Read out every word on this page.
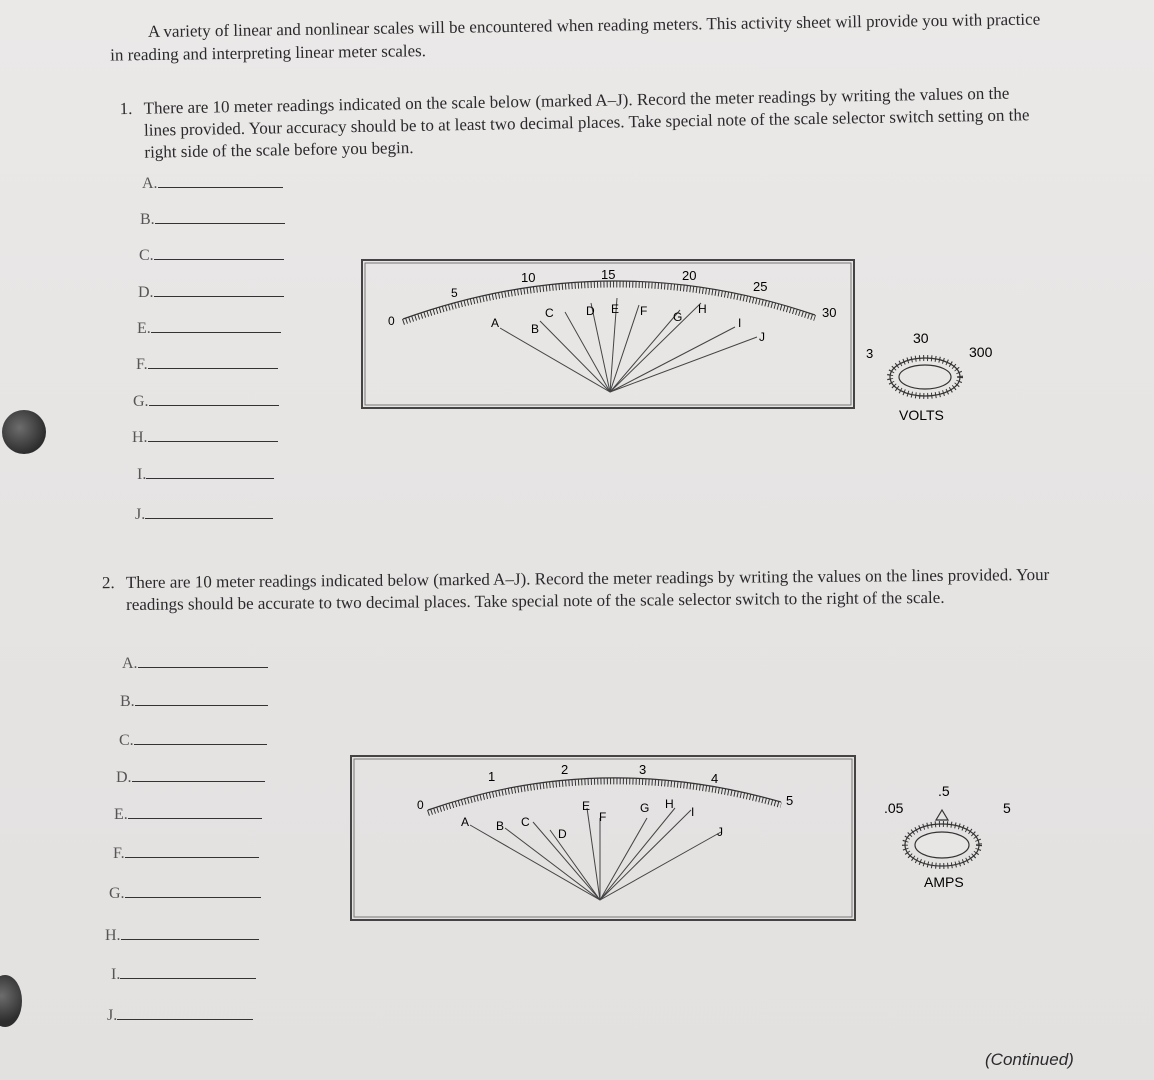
A variety of linear and nonlinear scales will be encountered when reading meters. This activity sheet will provide you with practice in reading and interpreting linear meter scales.
1. There are 10 meter readings indicated on the scale below (marked A–J). Record the meter readings by writing the values on the lines provided. Your accuracy should be to at least two decimal places. Take special note of the scale selector switch setting on the right side of the scale before you begin.
A.
B.
C.
D.
E.
F.
G.
H.
I.
J.
0
5
10	15	20
25
30
A	B
C	D E F G
H
I
J
3
30
300
VOLTS
2. There are 10 meter readings indicated below (marked A–J). Record the meter readings by writing the values on the lines provided. Your readings should be accurate to two decimal places. Take special note of the scale selector switch to the right of the scale.
A.
B.
C.
D.
E.
F.
G.
H.
I.
J.
0
1	2	3
4
5
A B C
D
E
F
G H
I
J
.05
.5
5
AMPS
(Continued)
